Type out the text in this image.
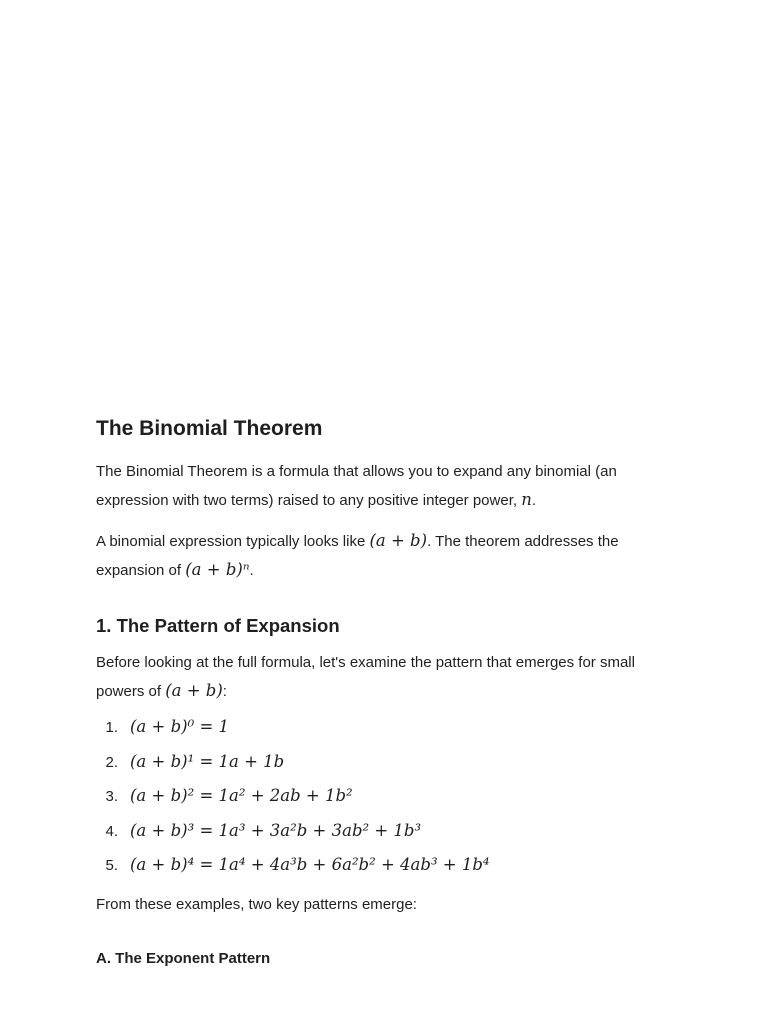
The Binomial Theorem

The Binomial Theorem is a formula that allows you to expand any binomial (an expression with two terms) raised to any positive integer power, n.

A binomial expression typically looks like (a + b). The theorem addresses the expansion of (a + b)ⁿ.

1. The Pattern of Expansion

Before looking at the full formula, let's examine the pattern that emerges for small powers of (a + b):

1. (a + b)⁰ = 1
2. (a + b)¹ = 1a + 1b
3. (a + b)² = 1a² + 2ab + 1b²
4. (a + b)³ = 1a³ + 3a²b + 3ab² + 1b³
5. (a + b)⁴ = 1a⁴ + 4a³b + 6a²b² + 4ab³ + 1b⁴

From these examples, two key patterns emerge:

A. The Exponent Pattern
